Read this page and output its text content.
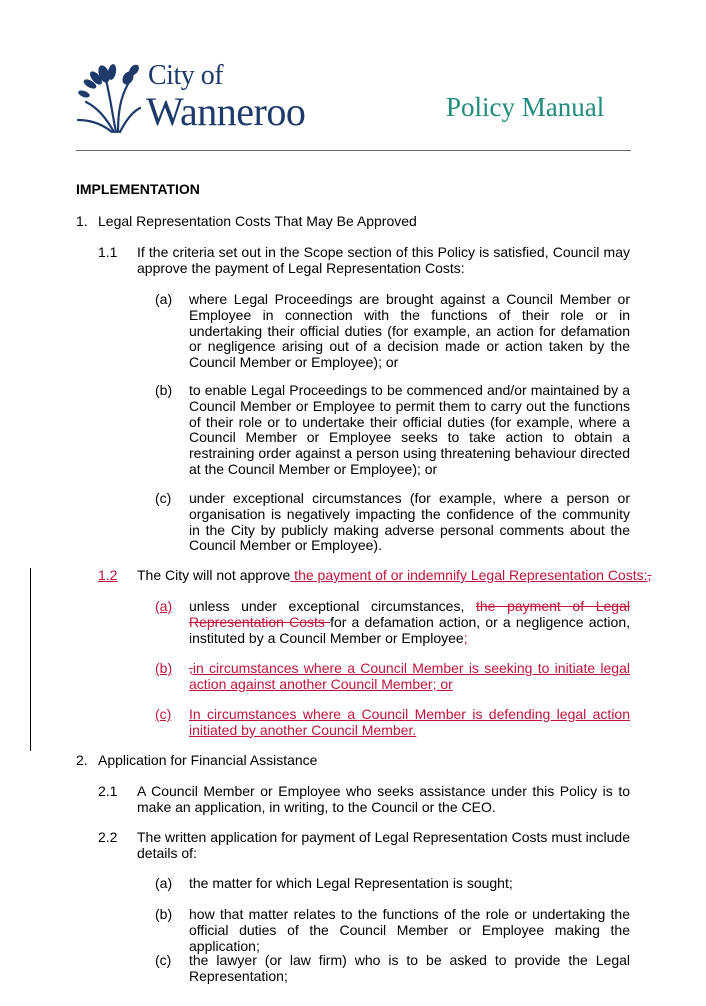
City of
Wanneroo	Policy Manual
IMPLEMENTATION
1. Legal Representation Costs That May Be Approved
1.1 If the criteria set out in the Scope section of this Policy is satisfied, Council may approve the payment of Legal Representation Costs:
(a) where Legal Proceedings are brought against a Council Member or Employee in connection with the functions of their role or in undertaking their official duties (for example, an action for defamation or negligence arising out of a decision made or action taken by the Council Member or Employee); or
(b) to enable Legal Proceedings to be commenced and/or maintained by a Council Member or Employee to permit them to carry out the functions of their role or to undertake their official duties (for example, where a Council Member or Employee seeks to take action to obtain a restraining order against a person using threatening behaviour directed at the Council Member or Employee); or
(c) under exceptional circumstances (for example, where a person or organisation is negatively impacting the confidence of the community in the City by publicly making adverse personal comments about the Council Member or Employee).
1.2 The City will not approve the payment of or indemnify Legal Representation Costs:,
(a) unless under exceptional circumstances, the payment of Legal Representation Costs for a defamation action, or a negligence action, instituted by a Council Member or Employee;
(b) ,in circumstances where a Council Member is seeking to initiate legal action against another Council Member; or
(c) In circumstances where a Council Member is defending legal action initiated by another Council Member.
2. Application for Financial Assistance
2.1 A Council Member or Employee who seeks assistance under this Policy is to make an application, in writing, to the Council or the CEO.
2.2 The written application for payment of Legal Representation Costs must include details of:
(a) the matter for which Legal Representation is sought;
(b) how that matter relates to the functions of the role or undertaking the official duties of the Council Member or Employee making the application;
(c) the lawyer (or law firm) who is to be asked to provide the Legal Representation;
